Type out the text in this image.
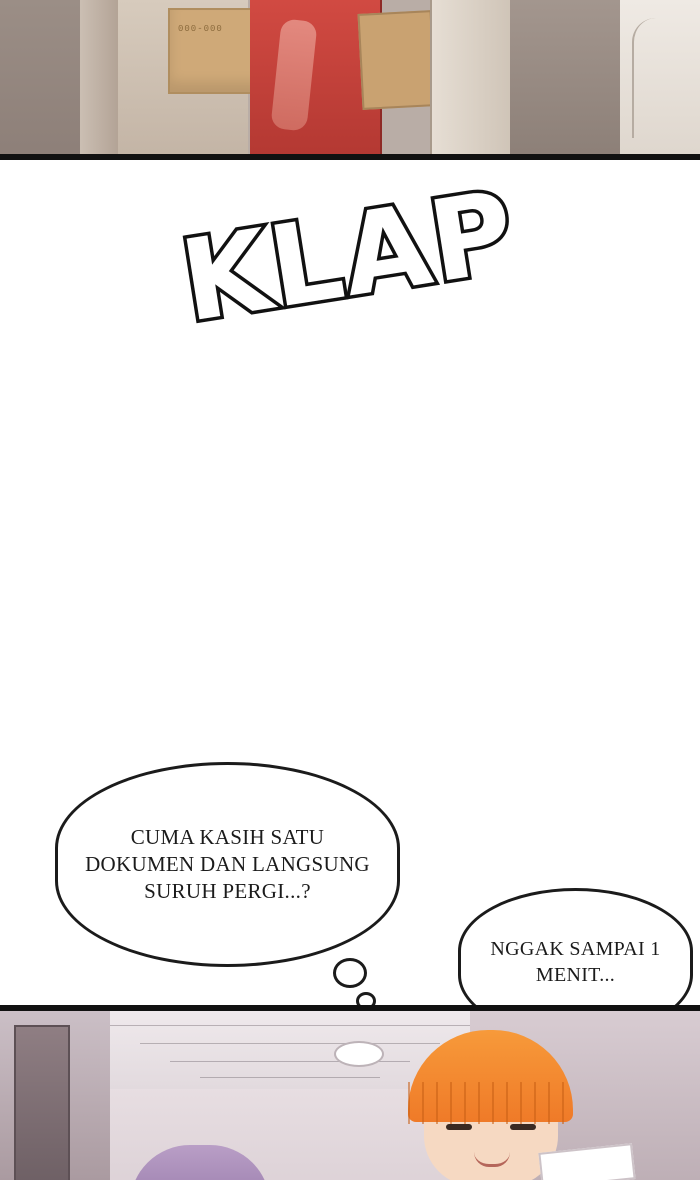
000-000
KLAP
CUMA KASIH SATU DOKUMEN DAN LANGSUNG SURUH PERGI...?
NGGAK SAMPAI 1 MENIT...
